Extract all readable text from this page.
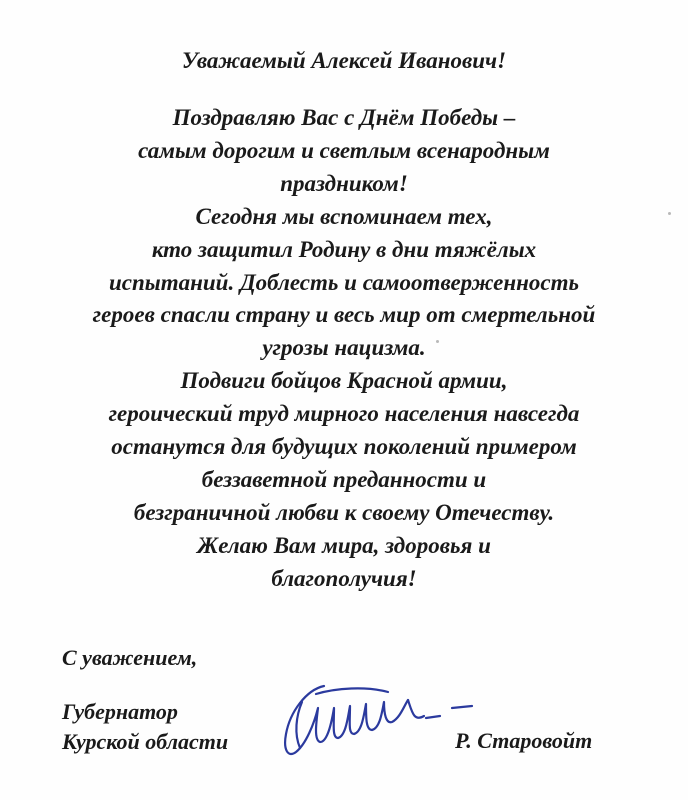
Уважаемый Алексей Иванович!
Поздравляю Вас с Днём Победы –
самым дорогим и светлым всенародным
праздником!
Сегодня мы вспоминаем тех,
кто защитил Родину в дни тяжёлых
испытаний. Доблесть и самоотверженность
героев спасли страну и весь мир от смертельной
угрозы нацизма.
Подвиги бойцов Красной армии,
героический труд мирного населения навсегда
останутся для будущих поколений примером
беззаветной преданности и
безграничной любви к своему Отечеству.
Желаю Вам мира, здоровья и
благополучия!
С уважением,
Губернатор
Курской области	Р. Старовойт
